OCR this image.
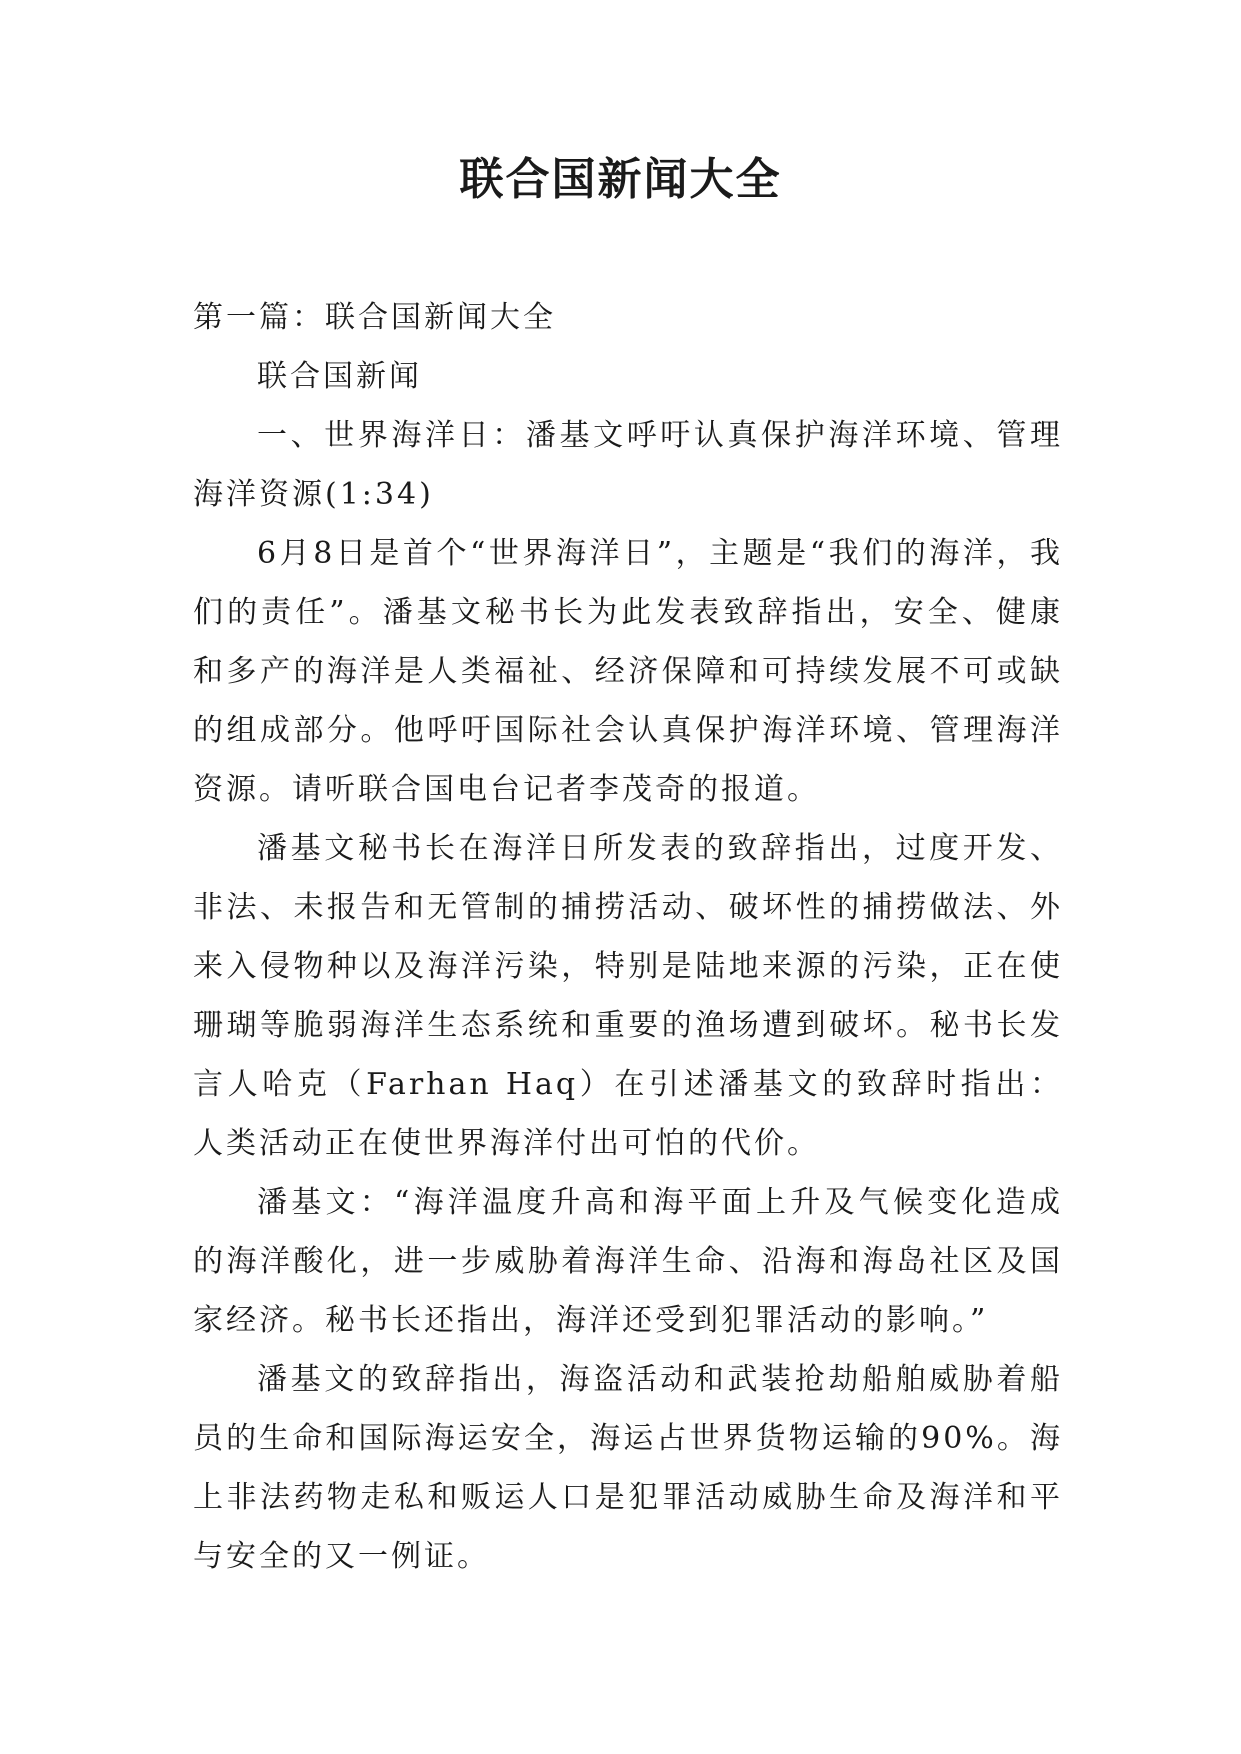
联合国新闻大全

第一篇：联合国新闻大全

联合国新闻

一、世界海洋日：潘基文呼吁认真保护海洋环境、管理海洋资源(1:34)

6月8日是首个“世界海洋日”，主题是“我们的海洋，我们的责任”。潘基文秘书长为此发表致辞指出，安全、健康和多产的海洋是人类福祉、经济保障和可持续发展不可或缺的组成部分。他呼吁国际社会认真保护海洋环境、管理海洋资源。请听联合国电台记者李茂奇的报道。

潘基文秘书长在海洋日所发表的致辞指出，过度开发、非法、未报告和无管制的捕捞活动、破坏性的捕捞做法、外来入侵物种以及海洋污染，特别是陆地来源的污染，正在使珊瑚等脆弱海洋生态系统和重要的渔场遭到破坏。秘书长发言人哈克（Farhan Haq）在引述潘基文的致辞时指出：人类活动正在使世界海洋付出可怕的代价。

潘基文：“海洋温度升高和海平面上升及气候变化造成的海洋酸化，进一步威胁着海洋生命、沿海和海岛社区及国家经济。秘书长还指出，海洋还受到犯罪活动的影响。”

潘基文的致辞指出，海盗活动和武装抢劫船舶威胁着船员的生命和国际海运安全，海运占世界货物运输的90%。海上非法药物走私和贩运人口是犯罪活动威胁生命及海洋和平与安全的又一例证。
